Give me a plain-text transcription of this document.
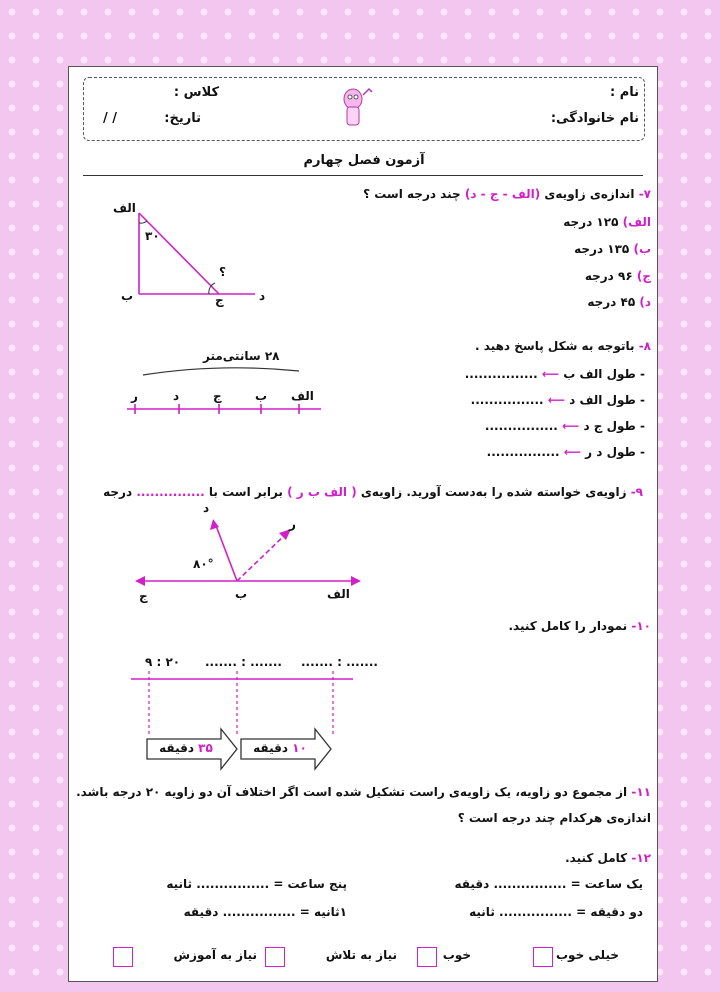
نام :
نام خانوادگی:
کلاس :
تاریخ:
/ /
آزمون فصل چهارم
۷- اندازه‌ی زاویه‌ی (الف - ج - د) چند درجه است ؟
الف) ۱۲۵ درجه
ب) ۱۳۵ درجه
ج) ۹۶ درجه
د) ۴۵ درجه
الف
۳۰
ب	ج	د
؟
۸- باتوجه به شکل پاسخ دهید .
- طول الف ب ⟵ ................
- طول الف د ⟵ ................
- طول ج د ⟵ ................
- طول د ر ⟵ ................
۲۸ سانتی‌متر
الف
ب
ج
د
ر
۹- زاویه‌ی خواسته شده را به‌دست آورید. زاویه‌ی ( الف ب ر ) برابر است با ............... درجه
الف
ب
ج
د
ر
۸۰°
۱۰- نمودار را کامل کنید.
۹ : ۲۰ ....... : ....... ....... : .......
۳۵ دقیقه	۱۰ دقیقه
۱۱- از مجموع دو زاویه، یک زاویه‌ی راست تشکیل شده است اگر اختلاف آن دو زاویه ۲۰ درجه باشد.
اندازه‌ی هرکدام چند درجه است ؟
۱۲- کامل کنید.
یک ساعت = ................ دقیقه
پنج ساعت = ................ ثانیه
دو دقیقه = ................ ثانیه
۱ثانیه = ................ دقیقه
خیلی خوب
خوب
نیاز به تلاش
نیاز به آموزش
